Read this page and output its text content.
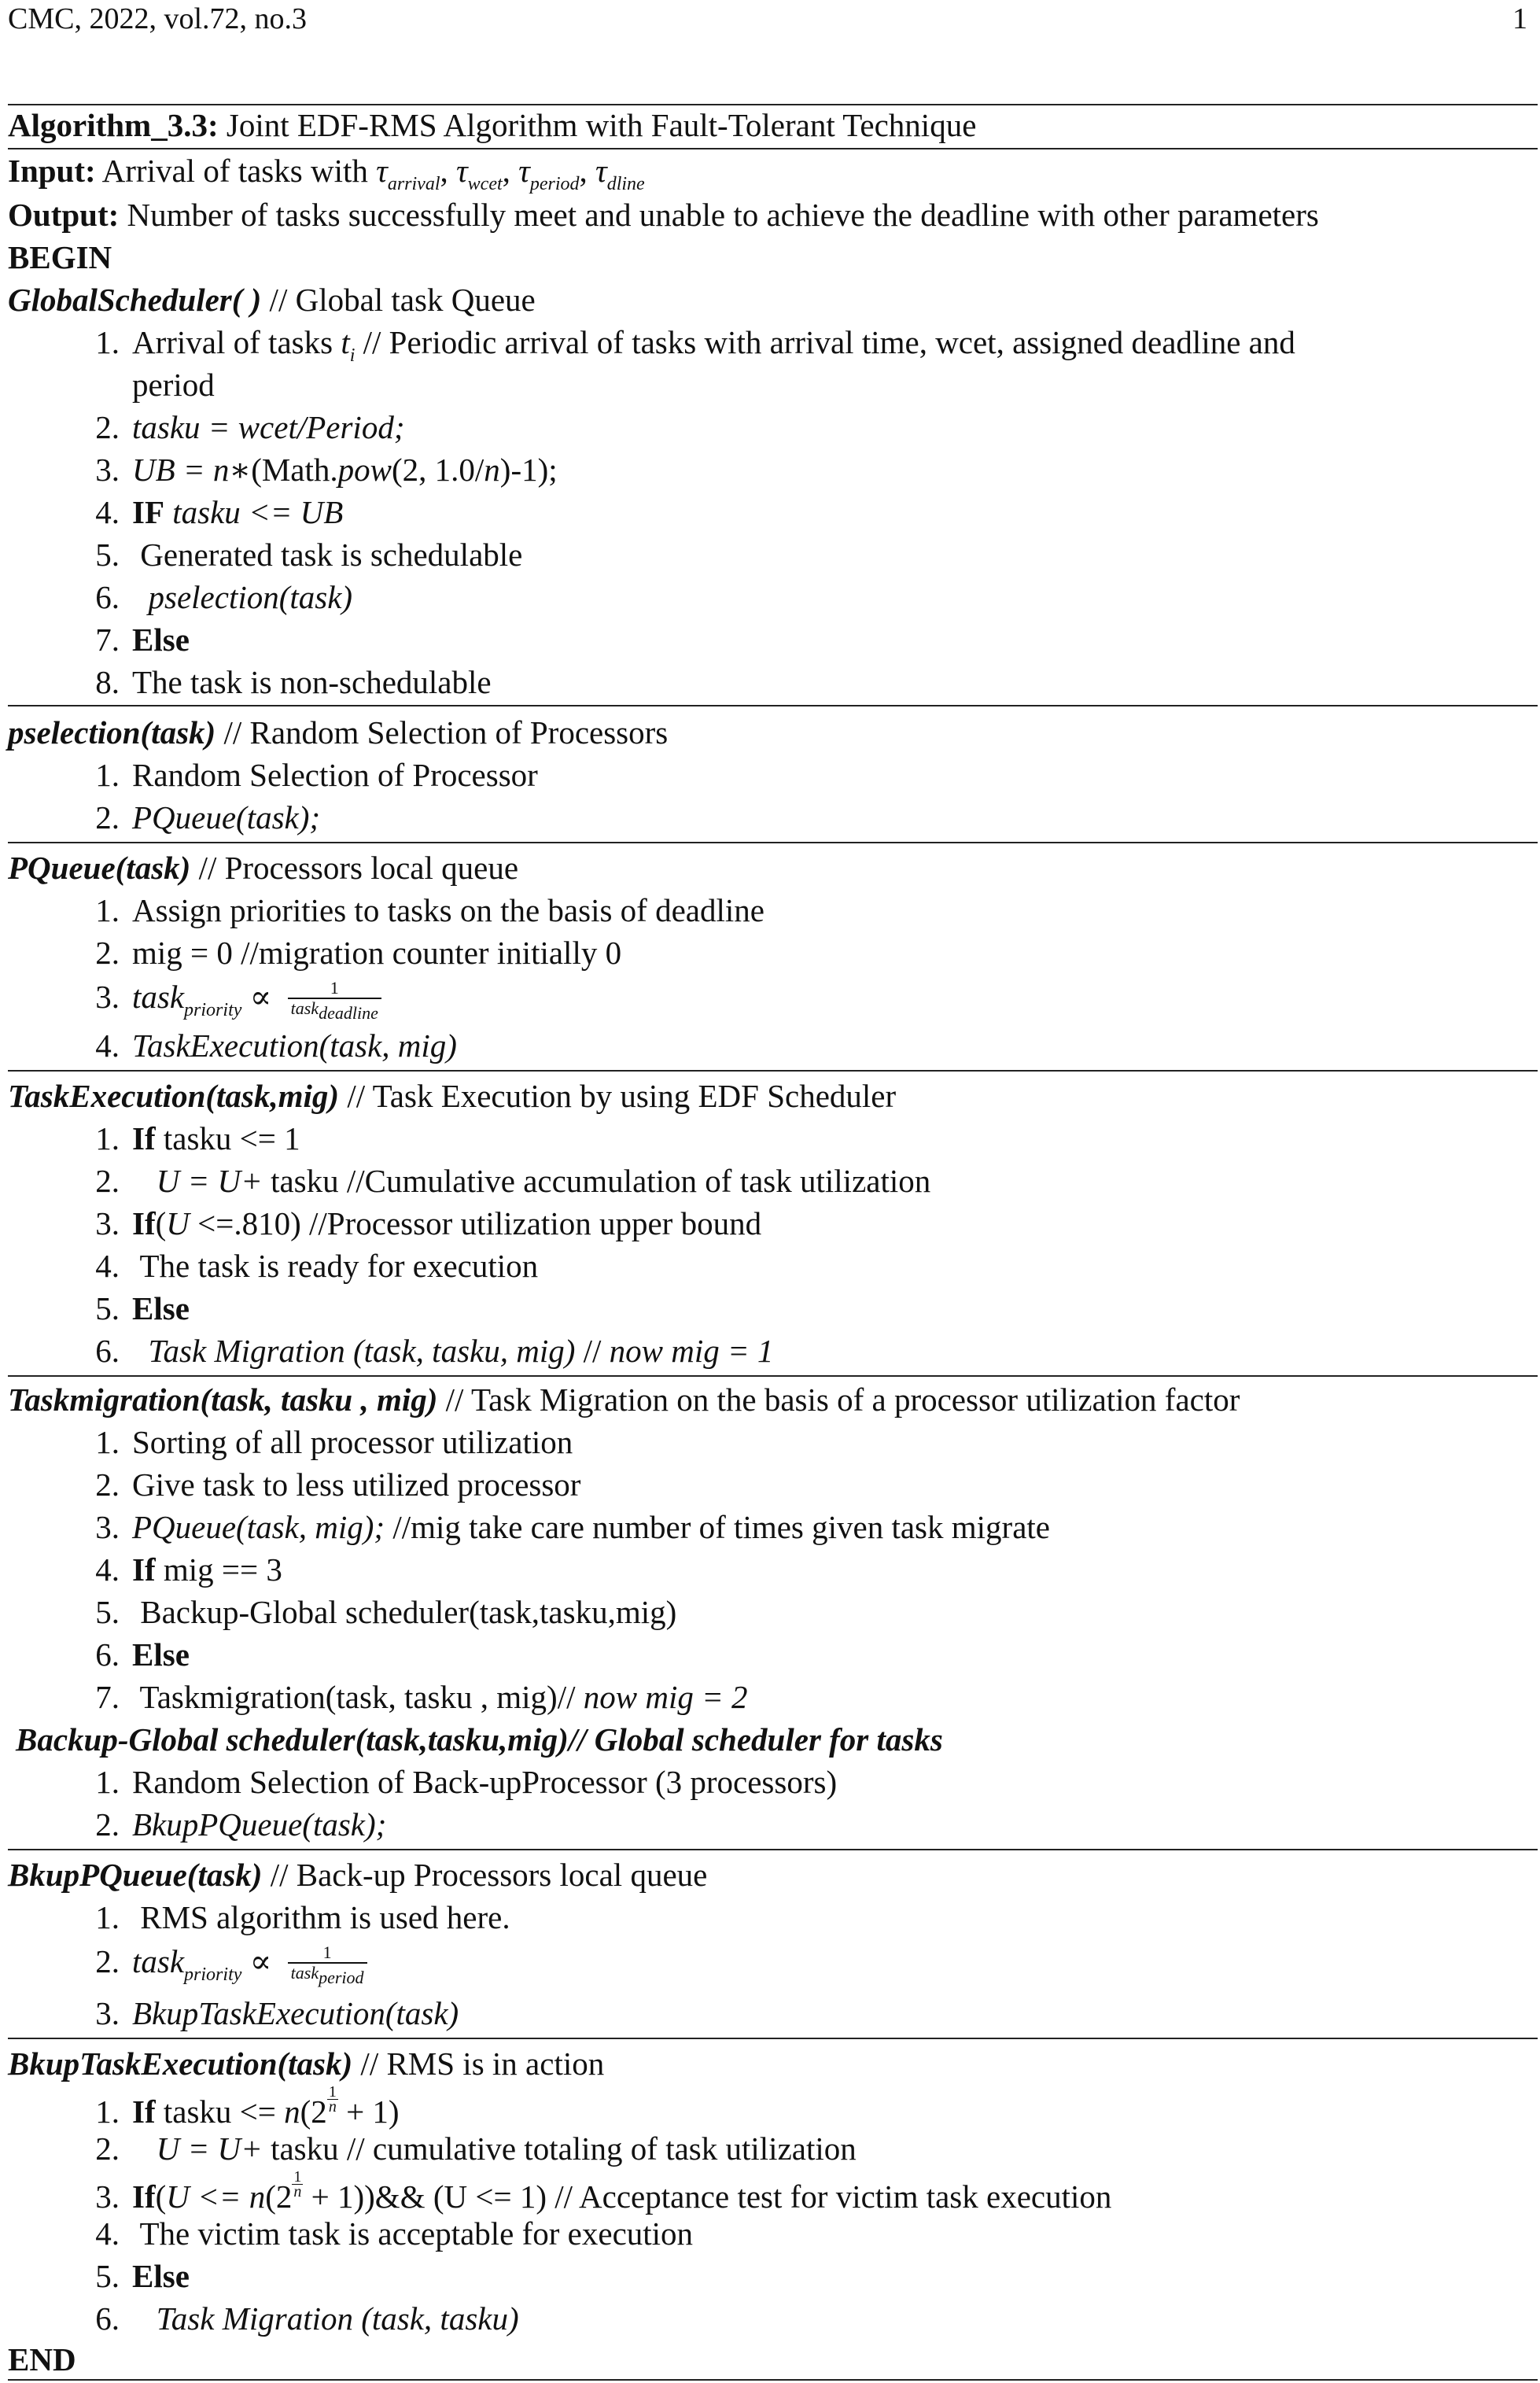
CMC, 2022, vol.72, no.3	1
Algorithm_3.3: Joint EDF-RMS Algorithm with Fault-Tolerant Technique
Input: Arrival of tasks with $\tau_{arrival}$, $\tau_{wcet}$, $\tau_{period}$, $\tau_{dline}$
Output: Number of tasks successfully meet and unable to achieve the deadline with other parameters
BEGIN
GlobalScheduler( ) // Global task Queue
1. Arrival of tasks $t_i$ // Periodic arrival of tasks with arrival time, wcet, assigned deadline and
period
2. tasku = wcet/Period;
3. UB = n∗(Math.pow(2, 1.0/n)-1);
4. IF tasku <= UB
5. Generated task is schedulable
6. pselection(task)
7. Else
8. The task is non-schedulable
pselection(task) // Random Selection of Processors
1. Random Selection of Processor
2. PQueue(task);
PQueue(task) // Processors local queue
1. Assign priorities to tasks on the basis of deadline
2. mig = 0 //migration counter initially 0
3. task$_{priority}$ ∝ $\frac{1}{\text{taskdeadline}}$
4. TaskExecution(task, mig)
TaskExecution(task,mig) // Task Execution by using EDF Scheduler
1. If tasku <= 1
2. U = U+ tasku //Cumulative accumulation of task utilization
3. If(U <=.810) //Processor utilization upper bound
4. The task is ready for execution
5. Else
6. Task Migration (task, tasku, mig) // now mig = 1
Taskmigration(task, tasku , mig) // Task Migration on the basis of a processor utilization factor
1. Sorting of all processor utilization
2. Give task to less utilized processor
3. PQueue(task, mig); //mig take care number of times given task migrate
4. If mig == 3
5. Backup-Global scheduler(task,tasku,mig)
6. Else
7. Taskmigration(task, tasku , mig)// now mig = 2
Backup-Global scheduler(task,tasku,mig)// Global scheduler for tasks
1. Random Selection of Back-upProcessor (3 processors)
2. BkupPQueue(task);
BkupPQueue(task) // Back-up Processors local queue
1. RMS algorithm is used here.
2. task$_{priority}$ ∝ $\frac{1}{\text{taskperiod}}$
3. BkupTaskExecution(task)
BkupTaskExecution(task) // RMS is in action
1. If tasku <= $n(2 \frac{1}{n} + 1)$
2. U = U+ tasku // cumulative totaling of task utilization
3. $If(U <= n(2 \frac{1}{n}$ + 1))&& (U <= 1) // Acceptance test for victim task execution
4. The victim task is acceptable for execution
5. Else
6. Task Migration (task, tasku)
END
